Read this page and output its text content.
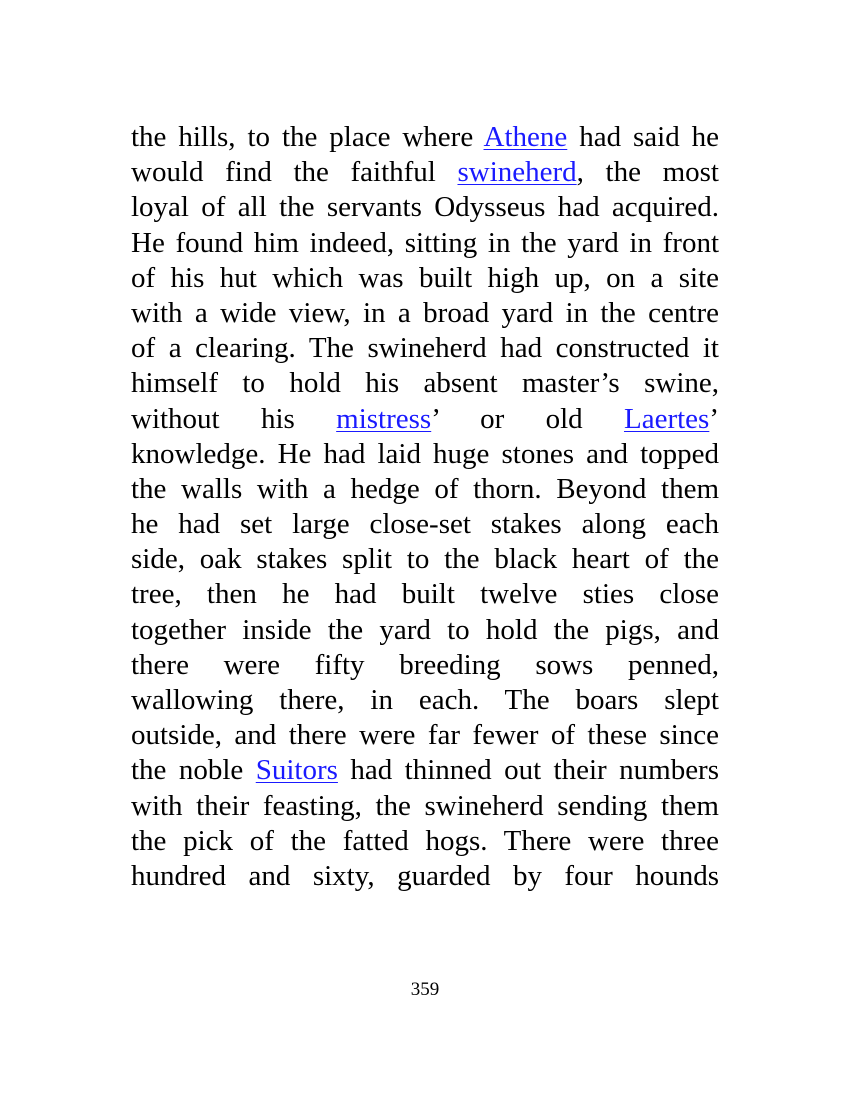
the hills, to the place where Athene had said he
would find the faithful swineherd, the most
loyal of all the servants Odysseus had acquired.
He found him indeed, sitting in the yard in front
of his hut which was built high up, on a site
with a wide view, in a broad yard in the centre
of a clearing. The swineherd had constructed it
himself to hold his absent master’s swine,
without his mistress’ or old Laertes’
knowledge. He had laid huge stones and topped
the walls with a hedge of thorn. Beyond them
he had set large close-set stakes along each
side, oak stakes split to the black heart of the
tree, then he had built twelve sties close
together inside the yard to hold the pigs, and
there were fifty breeding sows penned,
wallowing there, in each. The boars slept
outside, and there were far fewer of these since
the noble Suitors had thinned out their numbers
with their feasting, the swineherd sending them
the pick of the fatted hogs. There were three
hundred and sixty, guarded by four hounds
359
